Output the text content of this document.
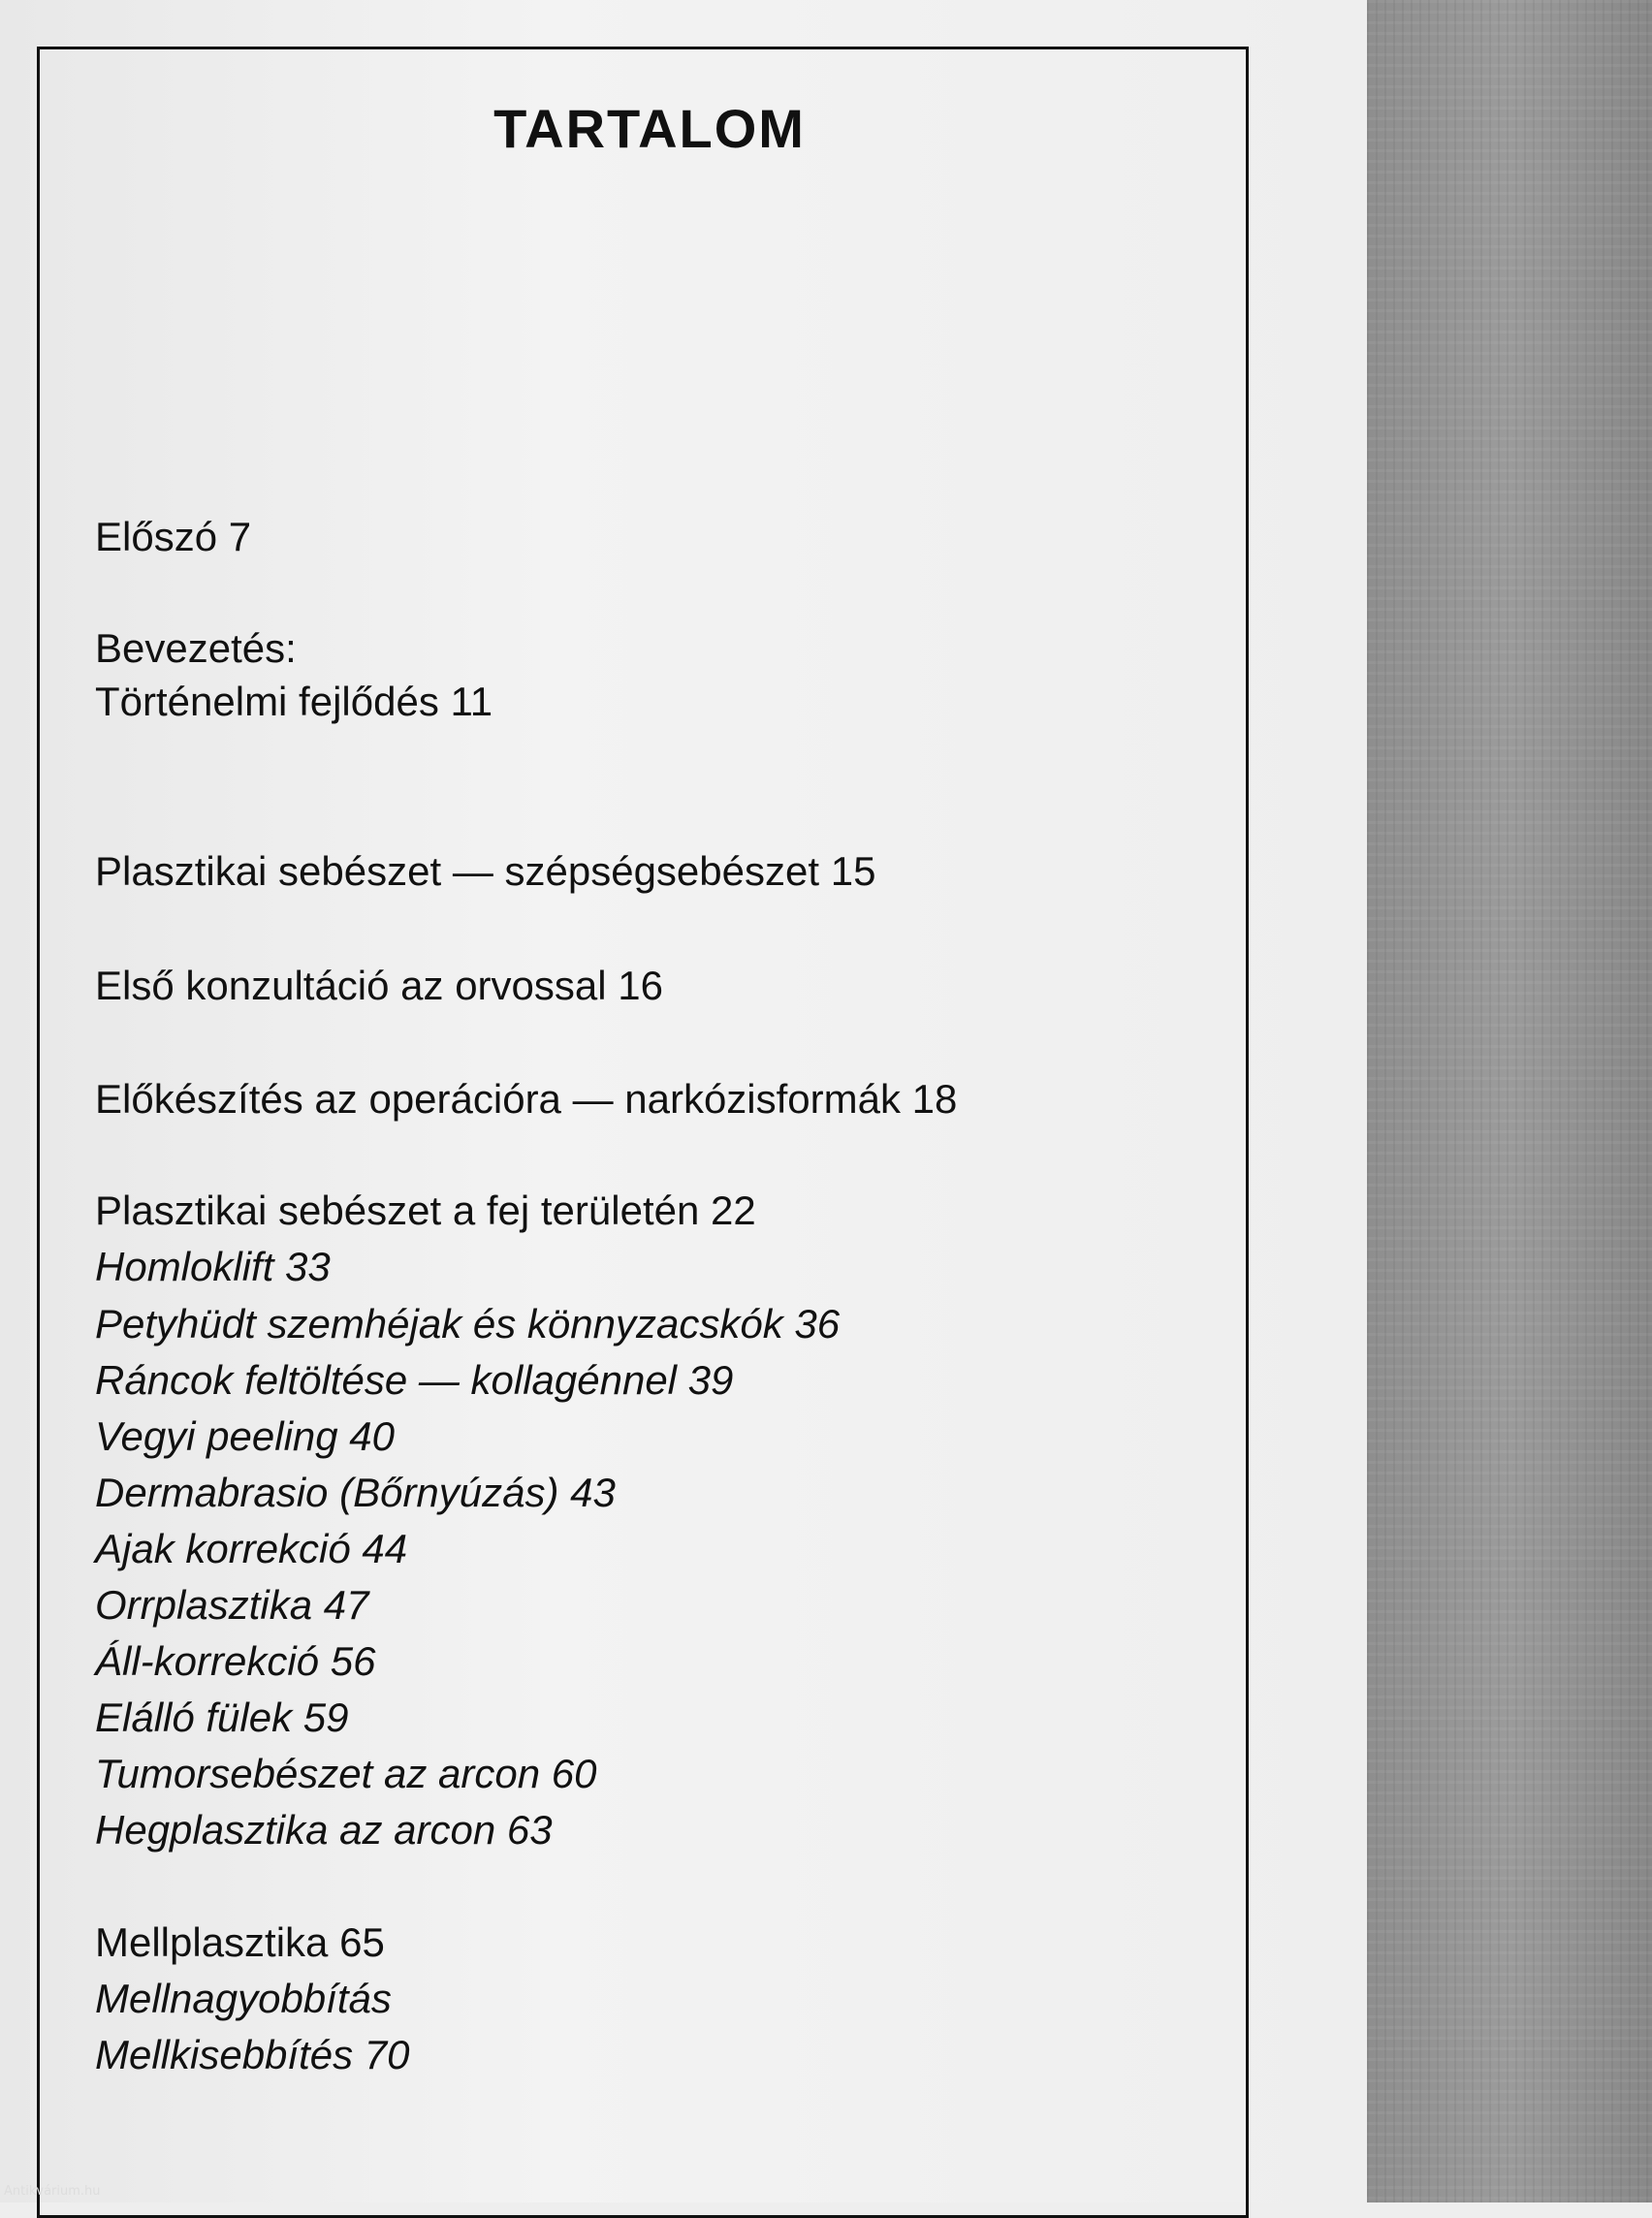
TARTALOM
Előszó 7
Bevezetés:
Történelmi fejlődés 11
Plasztikai sebészet — szépségsebészet 15
Első konzultáció az orvossal 16
Előkészítés az operációra — narkózisformák 18
Plasztikai sebészet a fej területén 22
Homloklift 33
Petyhüdt szemhéjak és könnyzacskók 36
Ráncok feltöltése — kollagénnel 39
Vegyi peeling 40
Dermabrasio (Bőrnyúzás) 43
Ajak korrekció 44
Orrplasztika 47
Áll-korrekció 56
Elálló fülek 59
Tumorsebészet az arcon 60
Hegplasztika az arcon 63
Mellplasztika 65
Mellnagyobbítás
Mellkisebbítés 70
Antikvárium.hu
